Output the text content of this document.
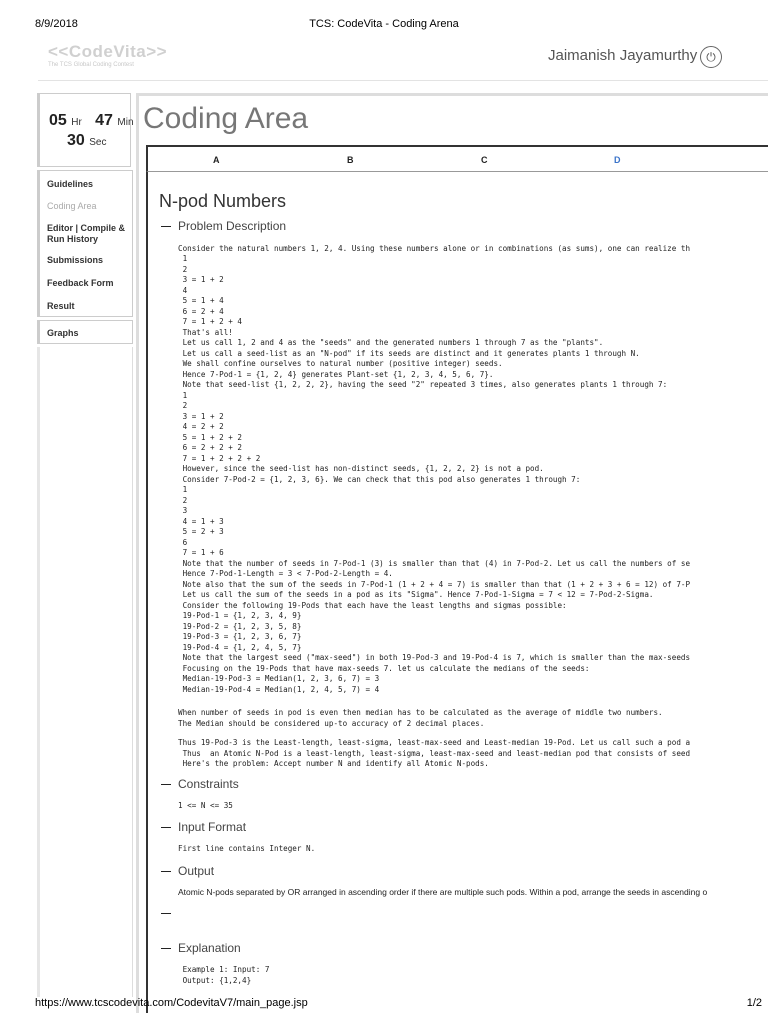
8/9/2018	TCS: CodeVita - Coding Arena
<<CodeVita>>
The TCS Global Coding Contest
Jaimanish Jayamurthy ⏻
05 Hr 47 Min
30 Sec
Guidelines
Coding Area
Editor | Compile &
Run History
Submissions
Feedback Form
Result
Graphs
Coding Area
A	B	C	D
N-pod Numbers
Problem Description
Consider the natural numbers 1, 2, 4. Using these numbers alone or in combinations (as sums), one can realize th
1
2
3 = 1 + 2
4
5 = 1 + 4
6 = 2 + 4
7 = 1 + 2 + 4
That's all!
Let us call 1, 2 and 4 as the "seeds" and the generated numbers 1 through 7 as the "plants".
Let us call a seed-list as an "N-pod" if its seeds are distinct and it generates plants 1 through N.
We shall confine ourselves to natural number (positive integer) seeds.
Hence 7-Pod-1 = {1, 2, 4} generates Plant-set {1, 2, 3, 4, 5, 6, 7}.
Note that seed-list {1, 2, 2, 2}, having the seed "2" repeated 3 times, also generates plants 1 through 7:
1
2
3 = 1 + 2
4 = 2 + 2
5 = 1 + 2 + 2
6 = 2 + 2 + 2
7 = 1 + 2 + 2 + 2
However, since the seed-list has non-distinct seeds, {1, 2, 2, 2} is not a pod.
Consider 7-Pod-2 = {1, 2, 3, 6}. We can check that this pod also generates 1 through 7:
1
2
3
4 = 1 + 3
5 = 2 + 3
6
7 = 1 + 6
Note that the number of seeds in 7-Pod-1 (3) is smaller than that (4) in 7-Pod-2. Let us call the numbers of se
Hence 7-Pod-1-Length = 3 < 7-Pod-2-Length = 4.
Note also that the sum of the seeds in 7-Pod-1 (1 + 2 + 4 = 7) is smaller than that (1 + 2 + 3 + 6 = 12) of 7-P
Let us call the sum of the seeds in a pod as its "Sigma". Hence 7-Pod-1-Sigma = 7 < 12 = 7-Pod-2-Sigma.
Consider the following 19-Pods that each have the least lengths and sigmas possible:
19-Pod-1 = {1, 2, 3, 4, 9}
19-Pod-2 = {1, 2, 3, 5, 8}
19-Pod-3 = {1, 2, 3, 6, 7}
19-Pod-4 = {1, 2, 4, 5, 7}
Note that the largest seed ("max-seed") in both 19-Pod-3 and 19-Pod-4 is 7, which is smaller than the max-seeds
Focusing on the 19-Pods that have max-seeds 7. let us calculate the medians of the seeds:
Median-19-Pod-3 = Median(1, 2, 3, 6, 7) = 3
Median-19-Pod-4 = Median(1, 2, 4, 5, 7) = 4
When number of seeds in pod is even then median has to be calculated as the average of middle two numbers.
The Median should be considered up-to accuracy of 2 decimal places.
Thus 19-Pod-3 is the Least-length, least-sigma, least-max-seed and Least-median 19-Pod. Let us call such a pod a
Thus  an Atomic N-Pod is a least-length, least-sigma, least-max-seed and least-median pod that consists of seed
Here's the problem: Accept number N and identify all Atomic N-pods.
Constraints
1 <= N <= 35
Input Format
First line contains Integer N.
Output
Atomic N-pods separated by OR arranged in ascending order if there are multiple such pods. Within a pod, arrange the seeds in ascending o
Explanation
Example 1: Input: 7
Output: {1,2,4}
https://www.tcscodevita.com/CodevitaV7/main_page.jsp	1/2
